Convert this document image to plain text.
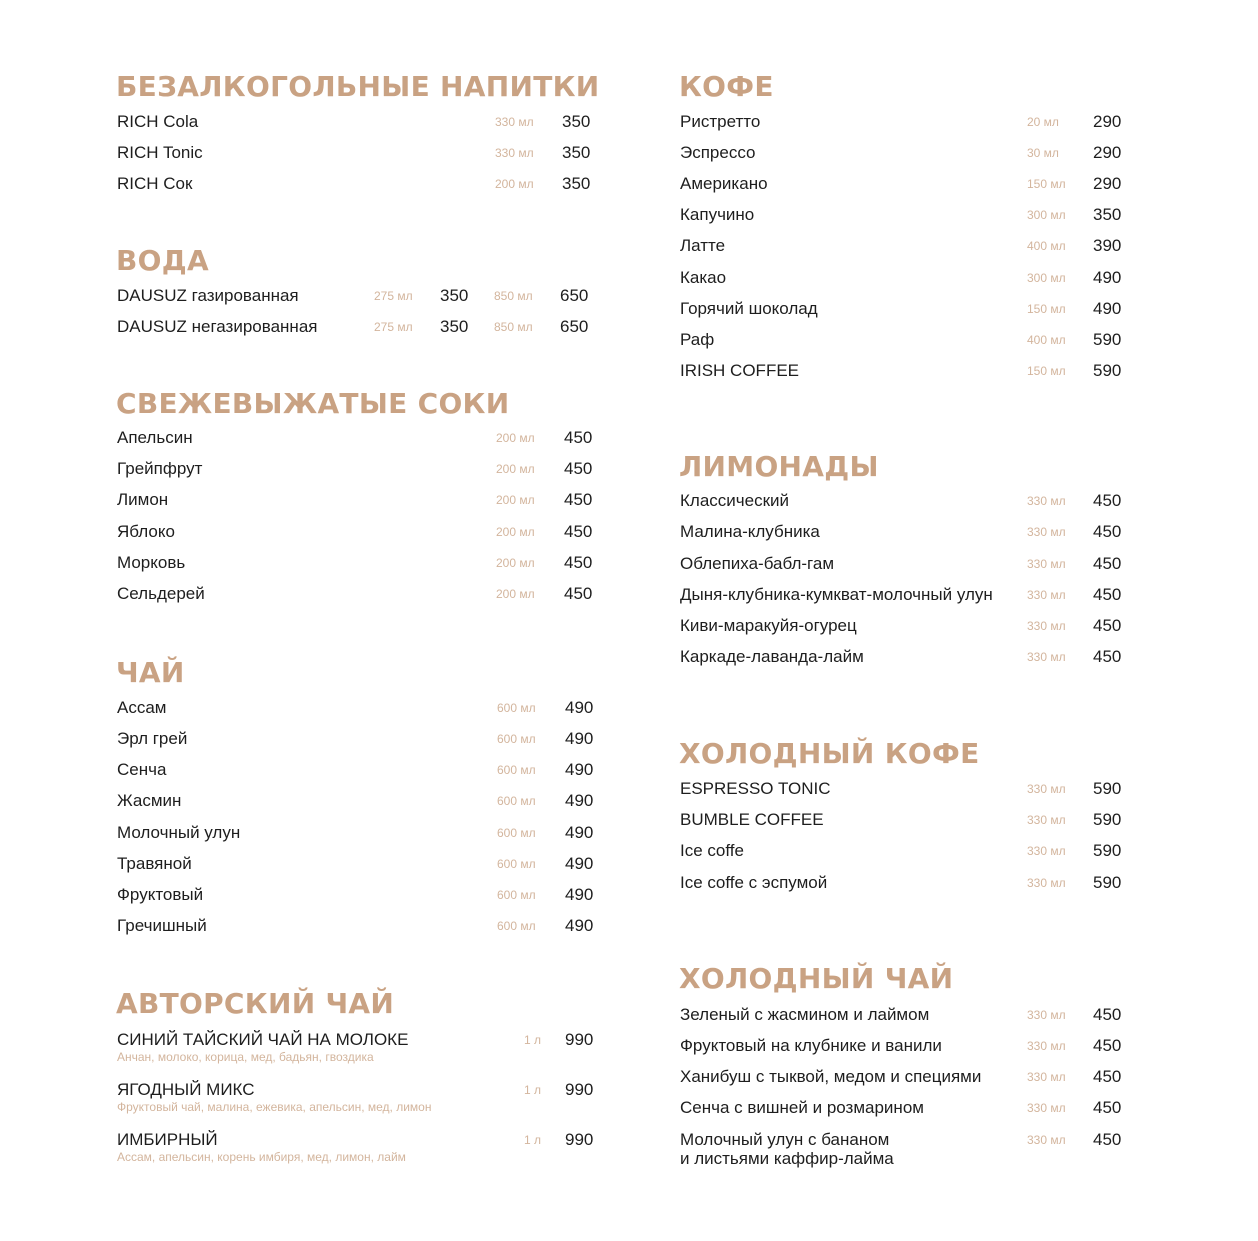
БЕЗАЛКОГОЛЬНЫЕ НАПИТКИ
RICH Cola	330 мл 350
RICH Tonic	330 мл 350
RICH Сок	200 мл 350
ВОДА
DAUSUZ газированная	275 мл 350 850 мл 650
DAUSUZ негазированная	275 мл 350 850 мл 650
СВЕЖЕВЫЖАТЫЕ СОКИ
Апельсин	200 мл 450
Грейпфрут	200 мл 450
Лимон	200 мл 450
Яблоко	200 мл 450
Морковь	200 мл 450
Сельдерей	200 мл 450
ЧАЙ
Ассам	600 мл 490
Эрл грей	600 мл 490
Сенча	600 мл 490
Жасмин	600 мл 490
Молочный улун	600 мл 490
Травяной	600 мл 490
Фруктовый	600 мл 490
Гречишный	600 мл 490
АВТОРСКИЙ ЧАЙ
СИНИЙ ТАЙСКИЙ ЧАЙ НА МОЛОКЕ
Анчан, молоко, корица, мед, бадьян, гвоздика
1 л 990
ЯГОДНЫЙ МИКС
Фруктовый чай, малина, ежевика, апельсин, мед, лимон
1 л 990
ИМБИРНЫЙ
Ассам, апельсин, корень имбиря, мед, лимон, лайм
1 л 990
КОФЕ
Ристретто	20 мл 290
Эспрессо	30 мл 290
Американо	150 мл 290
Капучино	300 мл 350
Латте	400 мл 390
Какао	300 мл 490
Горячий шоколад	150 мл 490
Раф	400 мл 590
IRISH COFFEE	150 мл 590
ЛИМОНАДЫ
Классический	330 мл 450
Малина-клубника	330 мл 450
Облепиха-бабл-гам	330 мл 450
Дыня-клубника-кумкват-молочный улун	330 мл 450
Киви-маракуйя-огурец	330 мл 450
Каркаде-лаванда-лайм	330 мл 450
ХОЛОДНЫЙ КОФЕ
ESPRESSO TONIC	330 мл 590
BUMBLE COFFEE	330 мл 590
Ice coffe	330 мл 590
Ice coffe с эспумой	330 мл 590
ХОЛОДНЫЙ ЧАЙ
Зеленый с жасмином и лаймом	330 мл 450
Фруктовый на клубнике и ванили	330 мл 450
Ханибуш с тыквой, медом и специями	330 мл 450
Сенча с вишней и розмарином	330 мл 450
Молочный улун с бананом
и листьями каффир-лайма
330 мл 450
